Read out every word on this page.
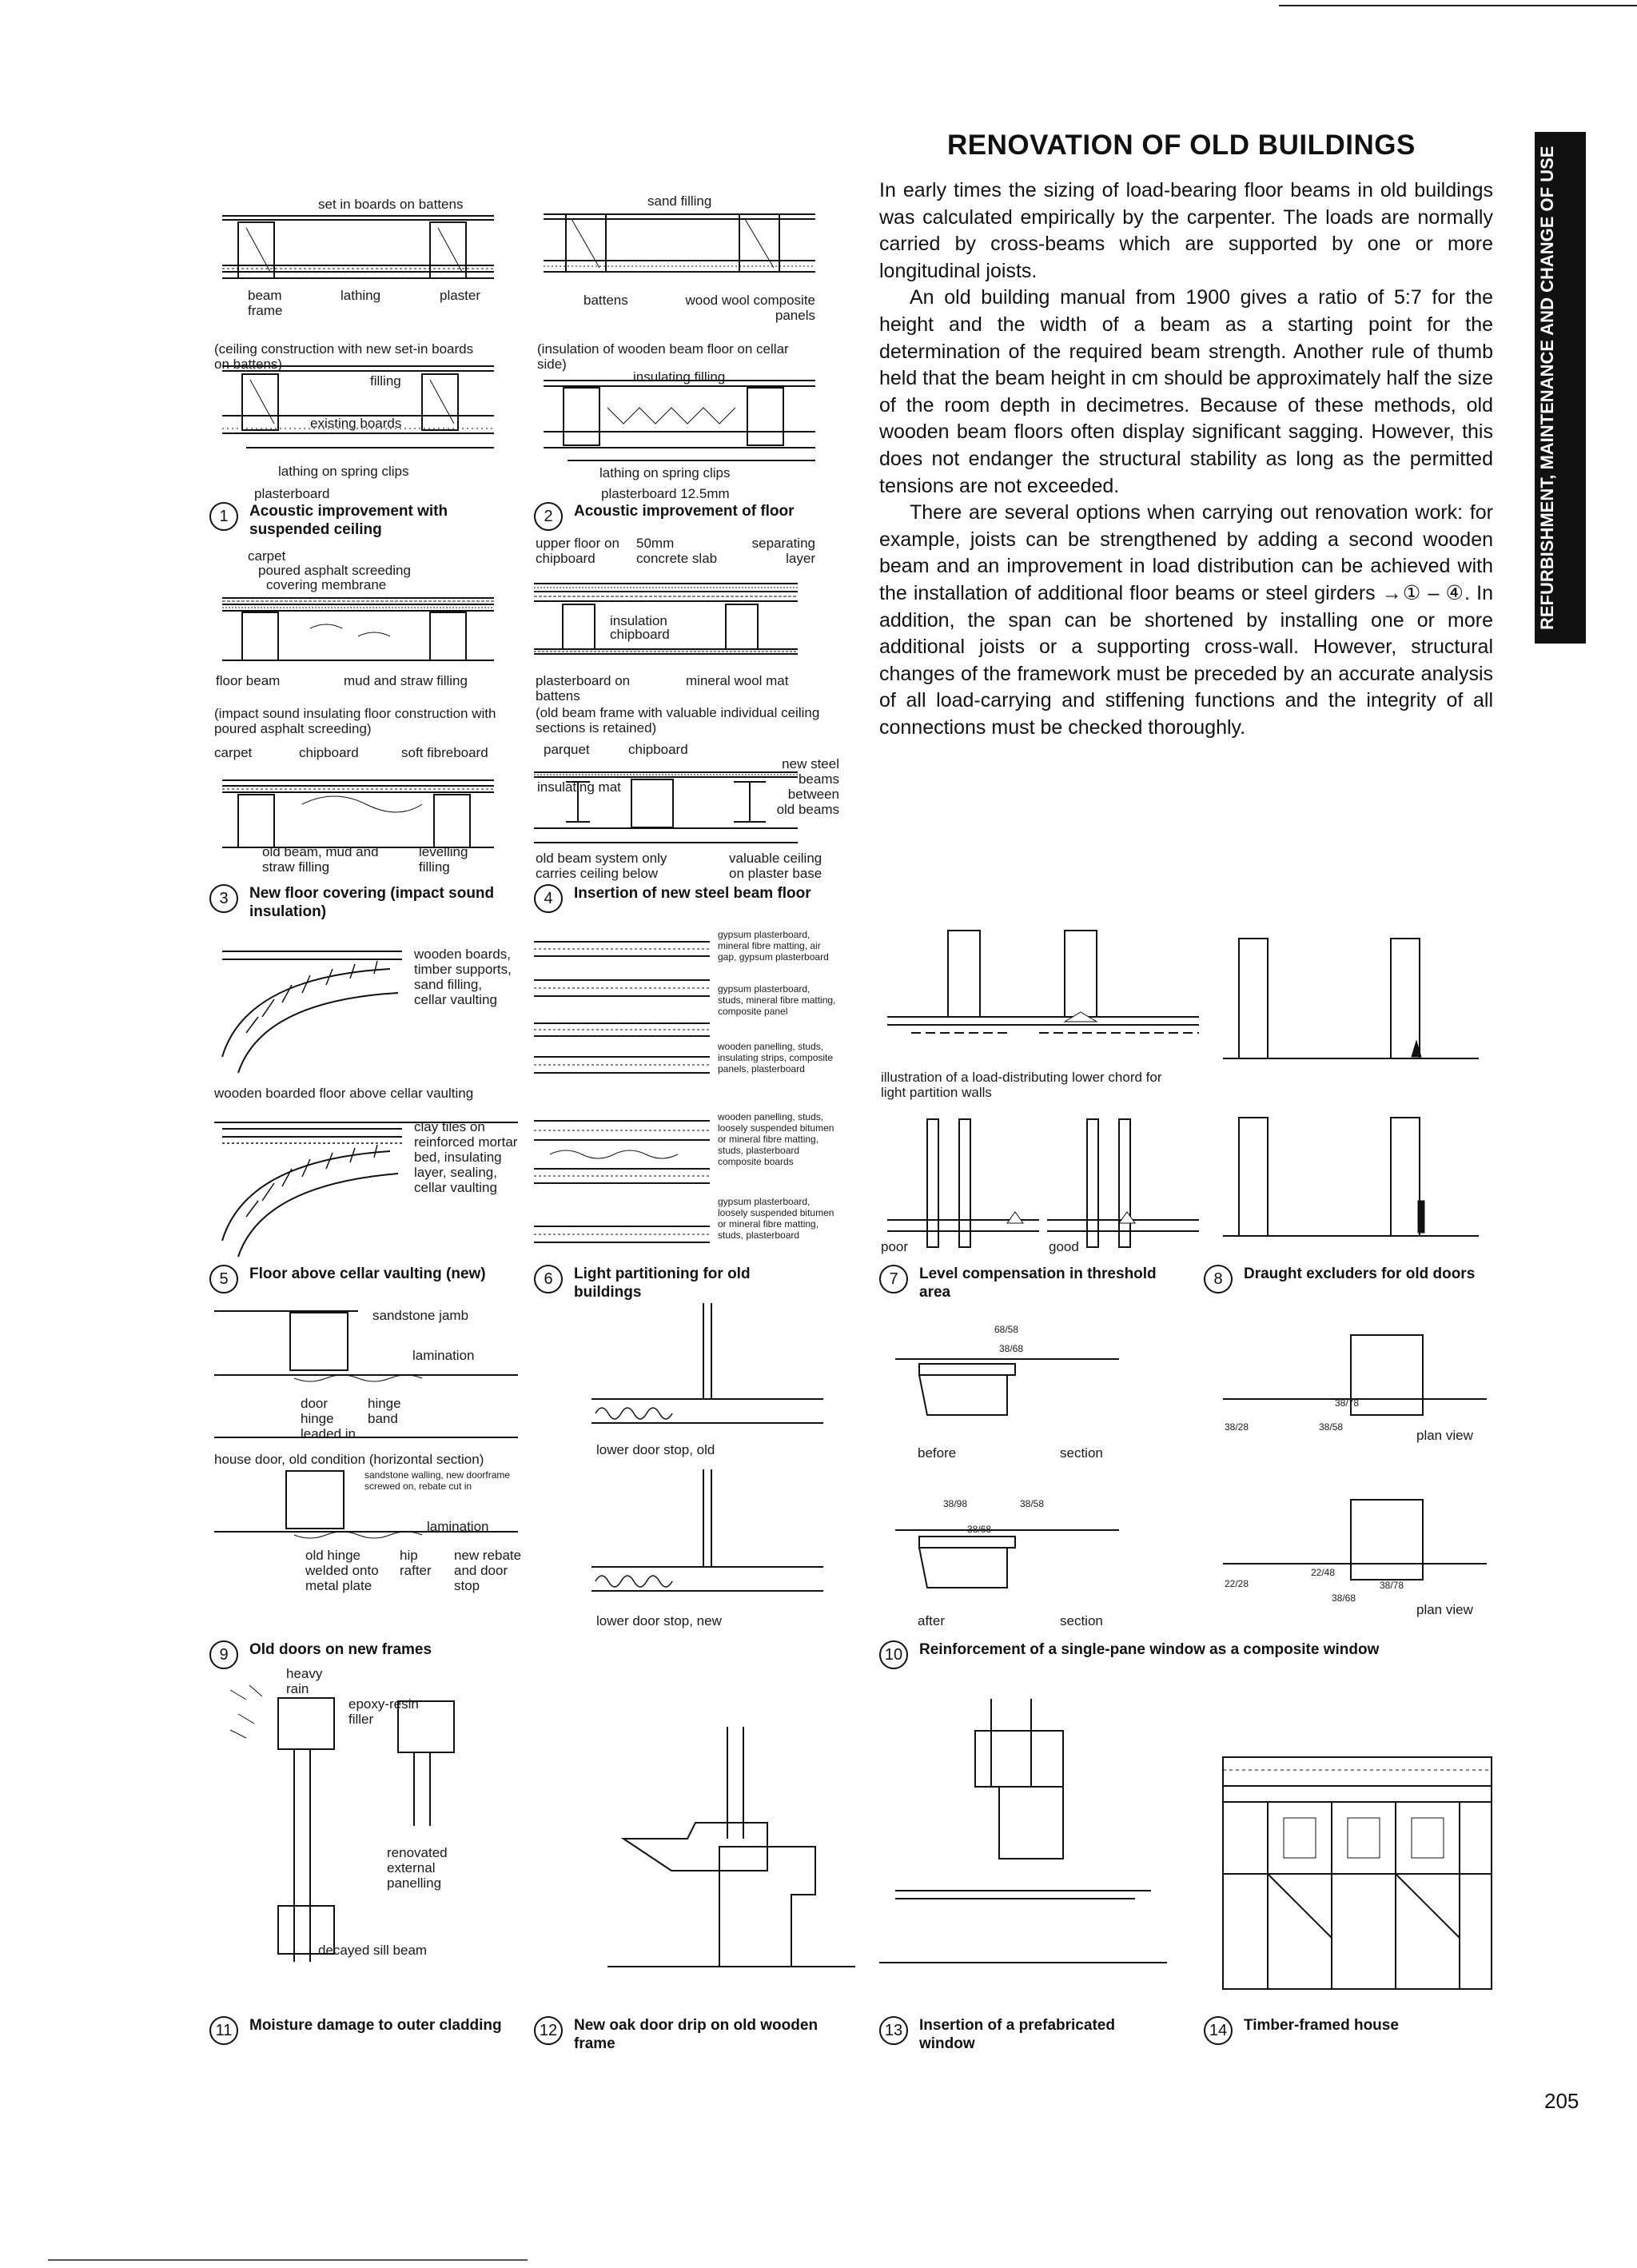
RENOVATION OF OLD BUILDINGS
REFURBISHMENT, MAINTENANCE AND CHANGE OF USE

In early times the sizing of load-bearing floor beams in old buildings was calculated empirically by the carpenter. The loads are normally carried by cross-beams which are supported by one or more longitudinal joists.

An old building manual from 1900 gives a ratio of 5:7 for the height and the width of a beam as a starting point for the determination of the required beam strength. Another rule of thumb held that the beam height in cm should be approximately half the size of the room depth in decimetres. Because of these methods, old wooden beam floors often display significant sagging. However, this does not endanger the structural stability as long as the permitted tensions are not exceeded.

There are several options when carrying out renovation work: for example, joists can be strengthened by adding a second wooden beam and an improvement in load distribution can be achieved with the installation of additional floor beams or steel girders →① – ④. In addition, the span can be shortened by installing one or more additional joists or a supporting cross-wall. However, structural changes of the framework must be preceded by an accurate analysis of all load-carrying and stiffening functions and the integrity of all connections must be checked thoroughly.

set in boards on battens
beam frame
lathing	plaster
(ceiling construction with new set-in boards on battens)
filling
existing boards
lathing on spring clips
plasterboard
1	Acoustic improvement with suspended ceiling
sand filling
battens	wood wool composite panels
(insulation of wooden beam floor on cellar side)
insulating filling
lathing on spring clips
plasterboard 12.5mm
2	Acoustic improvement of floor
carpet
poured asphalt screeding
covering membrane
floor beam	mud and straw filling
(impact sound insulating floor construction with poured asphalt screeding)
carpet	chipboard	soft fibreboard
old beam, mud and straw filling
levelling filling
3	New floor covering (impact sound insulation)
upper floor on chipboard
50mm concrete slab
separating layer
insulation
chipboard
plasterboard on battens
mineral wool mat
(old beam frame with valuable individual ceiling sections is retained)
parquet	chipboard
new steel beams between old beams
insulating mat
old beam system only carries ceiling below
valuable ceiling on plaster base
4	Insertion of new steel beam floor
wooden boards, timber supports, sand filling, cellar vaulting
wooden boarded floor above cellar vaulting
clay tiles on reinforced mortar bed, insulating layer, sealing, cellar vaulting
5	Floor above cellar vaulting (new)
gypsum plasterboard, mineral fibre matting, air gap, gypsum plasterboard
gypsum plasterboard, studs, mineral fibre matting, composite panel
wooden panelling, studs, insulating strips, composite panels, plasterboard
wooden panelling, studs, loosely suspended bitumen or mineral fibre matting, studs, plasterboard composite boards
gypsum plasterboard, loosely suspended bitumen or mineral fibre matting, studs, plasterboard
6	Light partitioning for old buildings
illustration of a load-distributing lower chord for light partition walls
poor	good
7	Level compensation in threshold area
8	Draught excluders for old doors
sandstone jamb
lamination
door hinge leaded in
hinge band
house door, old condition (horizontal section)
sandstone walling, new doorframe screwed on, rebate cut in
lamination
old hinge welded onto metal plate
hip rafter
new rebate and door stop
lower door stop, old
lower door stop, new
9	Old doors on new frames
68/58
38/68
before	section
38/98	38/58
38/68
after	section
38/78
38/28	38/58
plan view
22/48
22/28	38/78
38/68
plan view
10	Reinforcement of a single-pane window as a composite window
heavy rain
epoxy-resin filler
renovated external panelling
decayed sill beam
11	Moisture damage to outer cladding	12	New oak door drip on old wooden frame
13	Insertion of a prefabricated window
14	Timber-framed house
205
